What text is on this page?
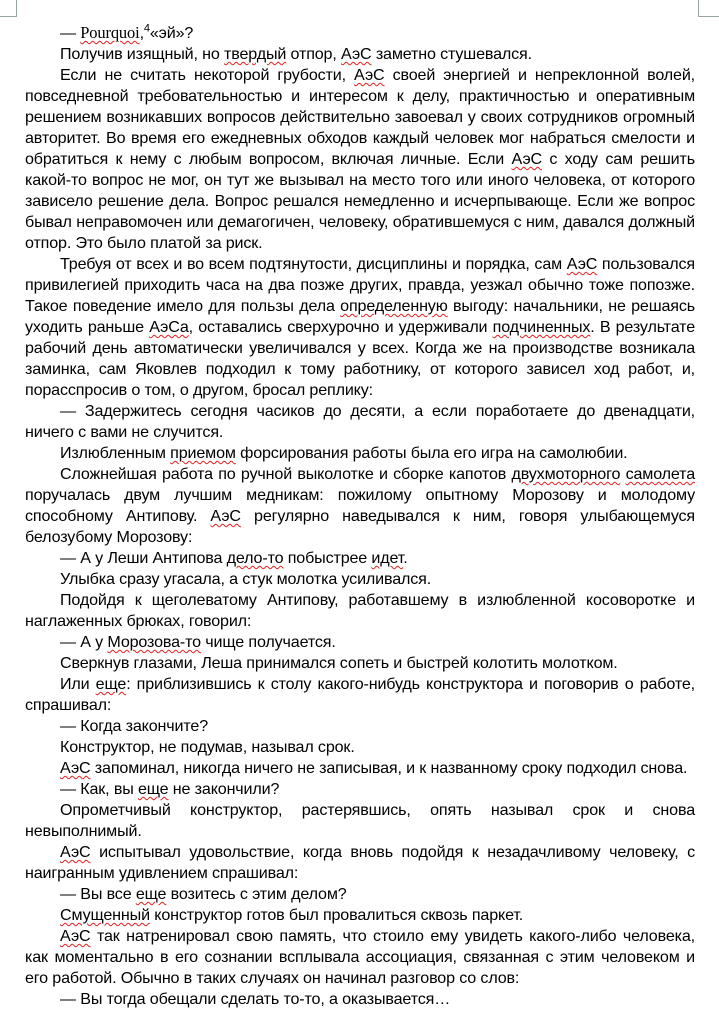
— Pourquoi,$^4$«эй»?

Получив изящный, но твердый отпор, АэС заметно стушевался.

Если не считать некоторой грубости, АэС своей энергией и непреклонной волей, повседневной требовательностью и интересом к делу, практичностью и оперативным решением возникавших вопросов действительно завоевал у своих сотрудников огромный авторитет. Во время его ежедневных обходов каждый человек мог набраться смелости и обратиться к нему с любым вопросом, включая личные. Если АэС с ходу сам решить какой-то вопрос не мог, он тут же вызывал на место того или иного человека, от которого зависело решение дела. Вопрос решался немедленно и исчерпывающе. Если же вопрос бывал неправомочен или демагогичен, человеку, обратившемуся с ним, давался должный отпор. Это было платой за риск.

Требуя от всех и во всем подтянутости, дисциплины и порядка, сам АэС пользовался привилегией приходить часа на два позже других, правда, уезжал обычно тоже попозже. Такое поведение имело для пользы дела определенную выгоду: начальники, не решаясь уходить раньше АэСа, оставались сверхурочно и удерживали подчиненных. В результате рабочий день автоматически увеличивался у всех. Когда же на производстве возникала заминка, сам Яковлев подходил к тому работнику, от которого зависел ход работ, и, порасспросив о том, о другом, бросал реплику:

— Задержитесь сегодня часиков до десяти, а если поработаете до двенадцати, ничего с вами не случится.

Излюбленным приемом форсирования работы была его игра на самолюбии.

Сложнейшая работа по ручной выколотке и сборке капотов двухмоторного самолета поручалась двум лучшим медникам: пожилому опытному Морозову и молодому способному Антипову. АэС регулярно наведывался к ним, говоря улыбающемуся белозубому Морозову:

— А у Леши Антипова дело-то побыстрее идет.

Улыбка сразу угасала, а стук молотка усиливался.

Подойдя к щеголеватому Антипову, работавшему в излюбленной косоворотке и наглаженных брюках, говорил:

— А у Морозова-то чище получается.

Сверкнув глазами, Леша принимался сопеть и быстрей колотить молотком.

Или еще: приблизившись к столу какого-нибудь конструктора и поговорив о работе, спрашивал:

— Когда закончите?

Конструктор, не подумав, называл срок.

АэС запоминал, никогда ничего не записывая, и к названному сроку подходил снова.

— Как, вы еще не закончили?

Опрометчивый конструктор, растерявшись, опять называл срок и снова невыполнимый.

АэС испытывал удовольствие, когда вновь подойдя к незадачливому человеку, с наигранным удивлением спрашивал:

— Вы все еще возитесь с этим делом?

Смущенный конструктор готов был провалиться сквозь паркет.

АэС так натренировал свою память, что стоило ему увидеть какого-либо человека, как моментально в его сознании всплывала ассоциация, связанная с этим человеком и его работой. Обычно в таких случаях он начинал разговор со слов:

— Вы тогда обещали сделать то-то, а оказывается…
